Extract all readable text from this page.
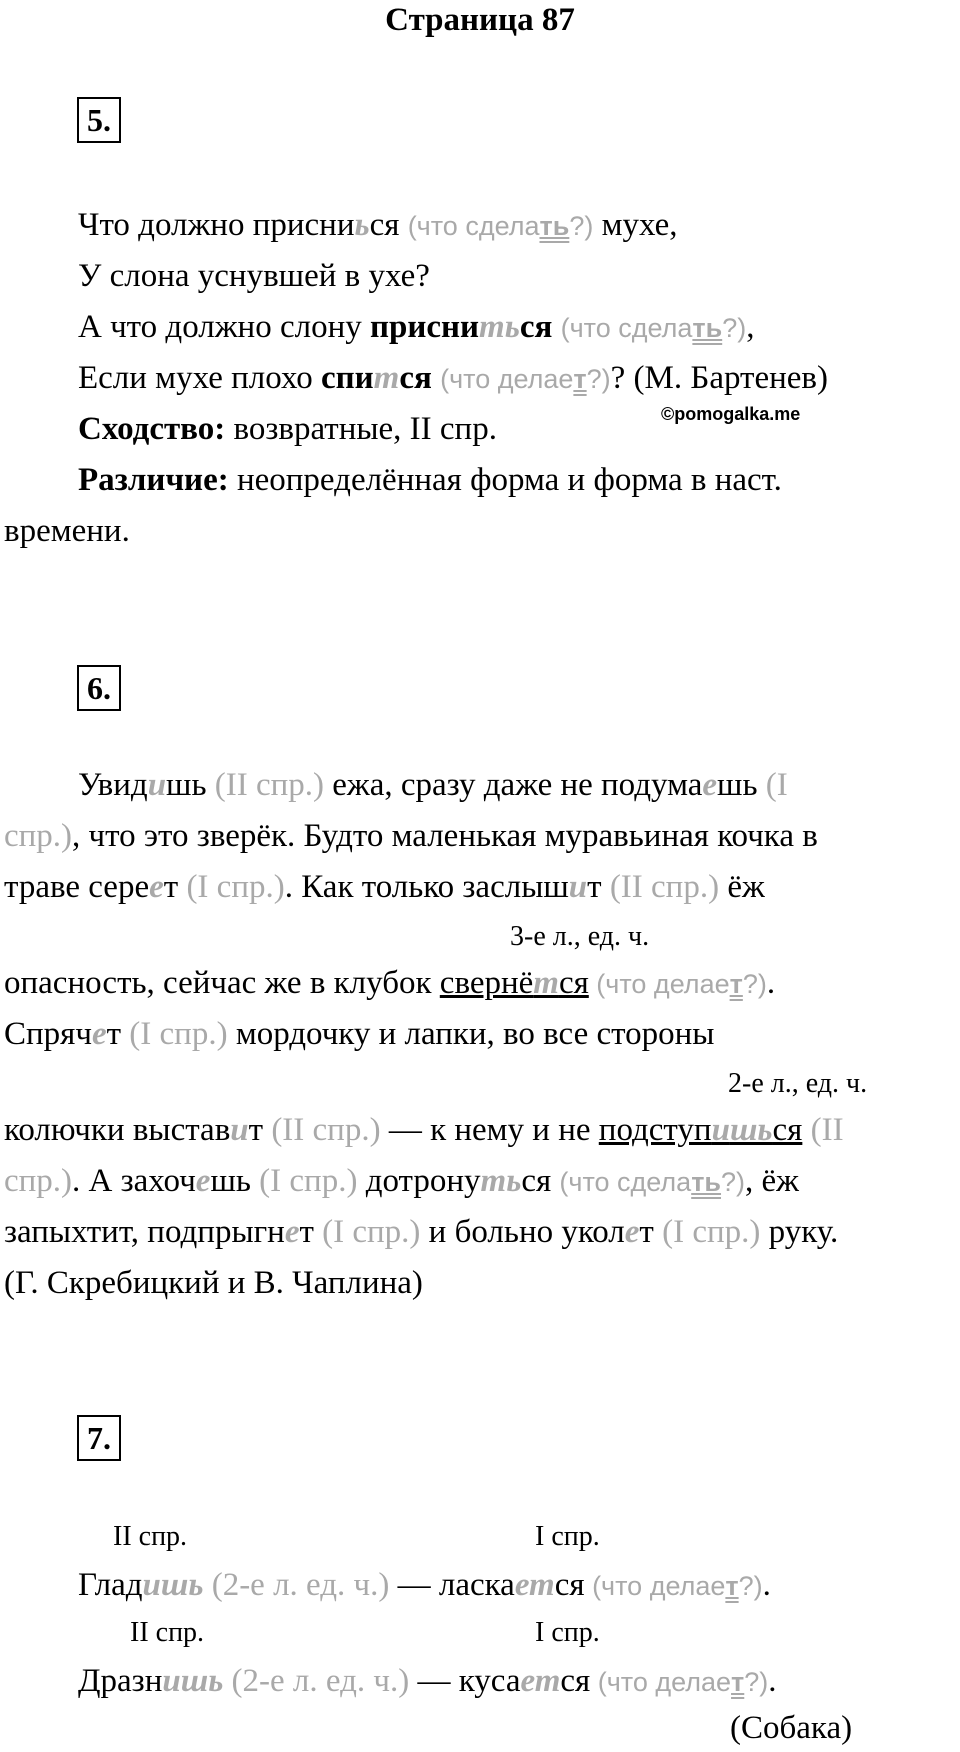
Страница 87
5.
Что должно присниься (что сделать?) мухе,
У слона уснувшей в ухе?
А что должно слону присниться (что сделать?),
Если мухе плохо спится (что делает?)? (М. Бартенев)
Сходство: возвратные, II спр.	©pomogalka.me
Различие: неопределённая форма и форма в наст.
времени.
6.
Увидишь (II спр.) ежа, сразу даже не подумаешь (I
спр.), что это зверёк. Будто маленькая муравьиная кочка в
траве сереет (I спр.). Как только заслышит (II спр.) ёж
3-е л., ед. ч.
опасность, сейчас же в клубок свернётся (что делает?).
Спрячет (I спр.) мордочку и лапки, во все стороны
2-е л., ед. ч.
колючки выставит (II спр.) — к нему и не подступишься (II
спр.). А захочешь (I спр.) дотронуться (что сделать?), ёж
запыхтит, подпрыгнет (I спр.) и больно уколет (I спр.) руку.
(Г. Скребицкий и В. Чаплина)
7.
II спр.	I спр.
Гладишь (2-е л. ед. ч.) — ласкается (что делает?).
II спр.	I спр.
Дразнишь (2-е л. ед. ч.) — кусается (что делает?).
(Собака)
